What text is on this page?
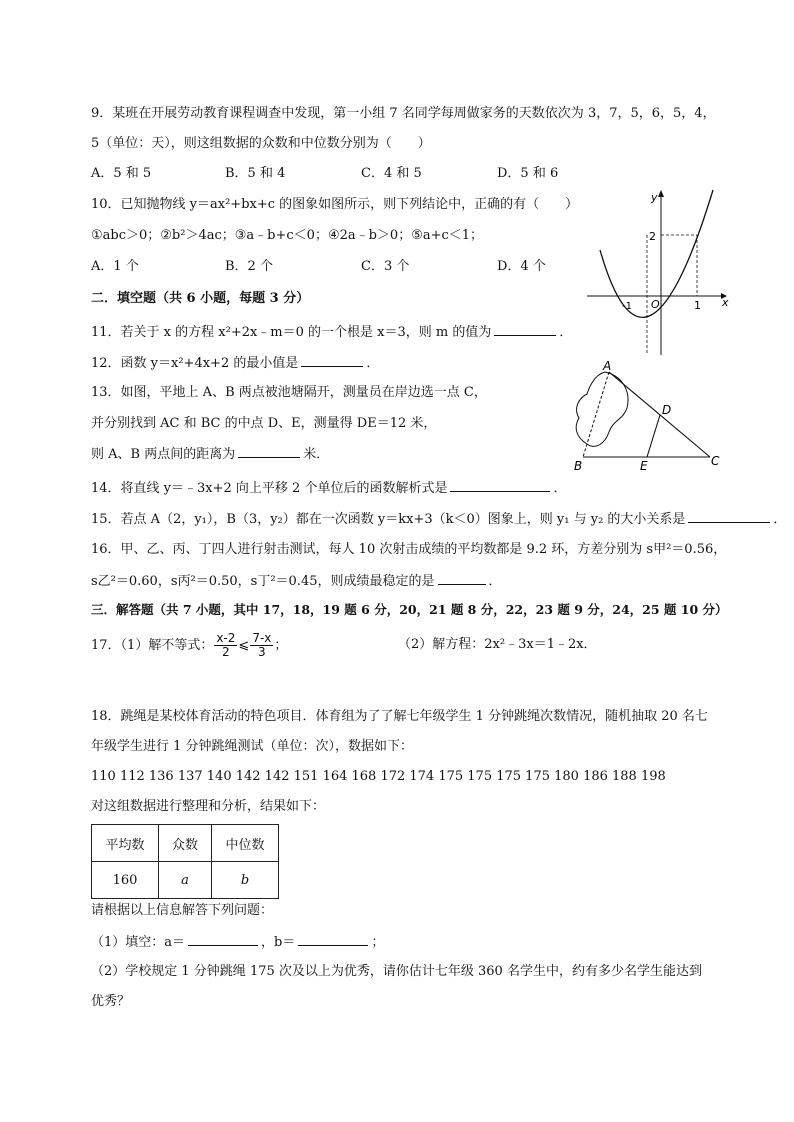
9．某班在开展劳动教育课程调查中发现，第一小组 7 名同学每周做家务的天数依次为 3，7，5，6，5，4，
5（单位：天），则这组数据的众数和中位数分别为（　　）
A．5 和 5	B．5 和 4	C．4 和 5	D．5 和 6
10．已知抛物线 y＝ax²+bx+c 的图象如图所示，则下列结论中，正确的有（　　）
①abc＞0；②b²＞4ac；③a﹣b+c＜0；④2a﹣b＞0；⑤a+c＜1；
A．1 个	B．2 个	C．3 个	D．4 个
y
x
2
-1 O	1
二．填空题（共 6 小题，每题 3 分）
11．若关于 x 的方程 x²+2x﹣m＝0 的一个根是 x＝3，则 m 的值为	．
12．函数 y＝x²+4x+2 的最小值是	．
13．如图，平地上 A、B 两点被池塘隔开，测量员在岸边选一点 C，
并分别找到 AC 和 BC 的中点 D、E，测量得 DE＝12 米，
则 A、B 两点间的距离为	米．
A
B	C
D
E
14．将直线 y＝﹣3x+2 向上平移 2 个单位后的函数解析式是	．
15．若点 A（2，y₁），B（3，y₂）都在一次函数 y＝kx+3（k＜0）图象上，则 y₁ 与 y₂ 的大小关系是	．
16．甲、乙、丙、丁四人进行射击测试，每人 10 次射击成绩的平均数都是 9.2 环，方差分别为 s甲²＝0.56，
s乙²＝0.60，s丙²＝0.50，s丁²＝0.45，则成绩最稳定的是	．
三．解答题（共 7 小题，其中 17，18，19 题 6 分，20，21 题 8 分，22，23 题 9 分，24，25 题 10 分）
17．（1）解不等式： $\frac{x-2}{2}$ ⩽ $\frac{7-x}{3}$ ；	（2）解方程：2x²﹣3x＝1﹣2x．
18．跳绳是某校体育活动的特色项目．体育组为了了解七年级学生 1 分钟跳绳次数情况，随机抽取 20 名七
年级学生进行 1 分钟跳绳测试（单位：次），数据如下：
110 112 136 137 140 142 142 151 164 168 172 174 175 175 175 175 180 186 188 198
对这组数据进行整理和分析，结果如下：
平均数	众数	中位数
160	a	b
请根据以上信息解答下列问题：
（1）填空：a＝	，b＝	；
（2）学校规定 1 分钟跳绳 175 次及以上为优秀，请你估计七年级 360 名学生中，约有多少名学生能达到
优秀？
